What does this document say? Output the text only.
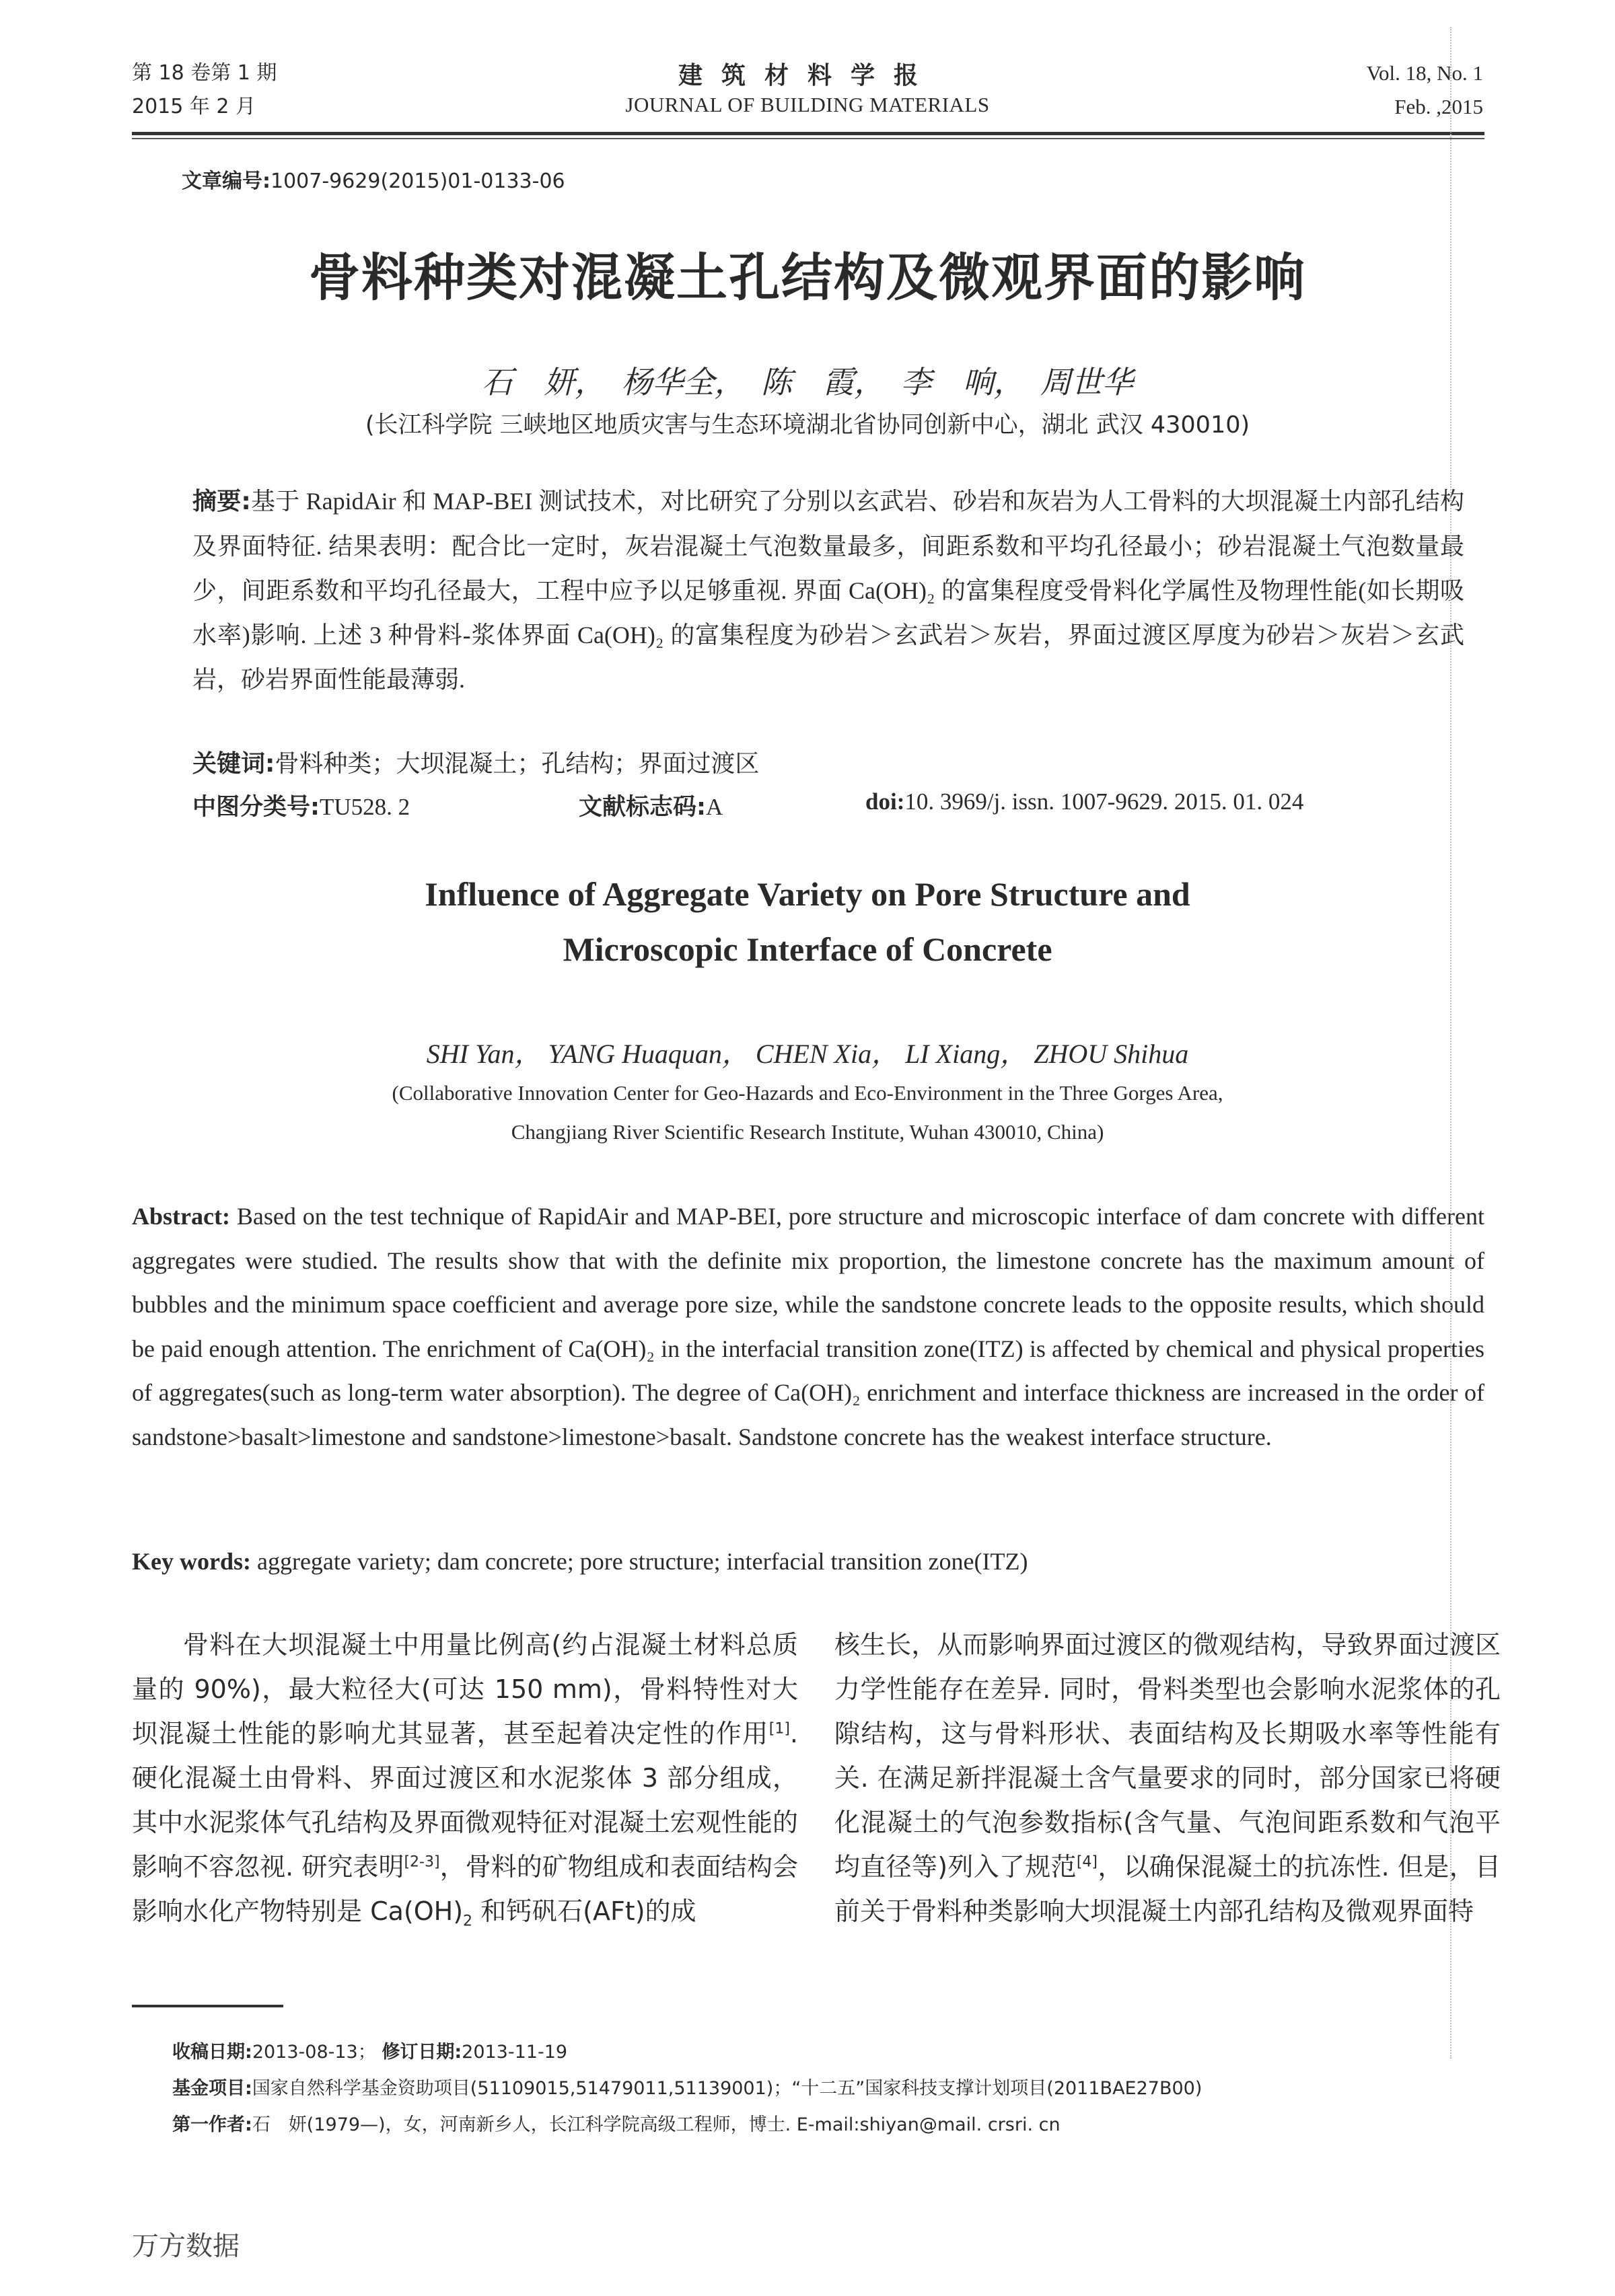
第 18 卷第 1 期
2015 年 2 月
建筑材料学报
JOURNAL OF BUILDING MATERIALS
Vol. 18, No. 1
Feb. ,2015
文章编号:1007-9629(2015)01-0133-06
骨料种类对混凝土孔结构及微观界面的影响
石　妍， 杨华全， 陈　霞， 李　响， 周世华
(长江科学院 三峡地区地质灾害与生态环境湖北省协同创新中心，湖北 武汉 430010)
摘要:基于 RapidAir 和 MAP-BEI 测试技术，对比研究了分别以玄武岩、砂岩和灰岩为人工骨料的大坝混凝土内部孔结构及界面特征. 结果表明：配合比一定时，灰岩混凝土气泡数量最多，间距系数和平均孔径最小；砂岩混凝土气泡数量最少，间距系数和平均孔径最大，工程中应予以足够重视. 界面 Ca(OH)₂ 的富集程度受骨料化学属性及物理性能(如长期吸水率)影响. 上述 3 种骨料-浆体界面 Ca(OH)₂ 的富集程度为砂岩＞玄武岩＞灰岩，界面过渡区厚度为砂岩＞灰岩＞玄武岩，砂岩界面性能最薄弱.
关键词:骨料种类；大坝混凝土；孔结构；界面过渡区
中图分类号:TU528. 2	文献标志码:A	doi:10. 3969/j. issn. 1007-9629. 2015. 01. 024
Influence of Aggregate Variety on Pore Structure and
Microscopic Interface of Concrete
SHI Yan， YANG Huaquan， CHEN Xia， LI Xiang， ZHOU Shihua
(Collaborative Innovation Center for Geo-Hazards and Eco-Environment in the Three Gorges Area,
Changjiang River Scientific Research Institute, Wuhan 430010, China)
Abstract: Based on the test technique of RapidAir and MAP-BEI, pore structure and microscopic interface of dam concrete with different aggregates were studied. The results show that with the definite mix proportion, the limestone concrete has the maximum amount of bubbles and the minimum space coefficient and average pore size, while the sandstone concrete leads to the opposite results, which should be paid enough attention. The enrichment of Ca(OH)₂ in the interfacial transition zone(ITZ) is affected by chemical and physical properties of aggregates(such as long-term water absorption). The degree of Ca(OH)₂ enrichment and interface thickness are increased in the order of sandstone>basalt>limestone and sandstone>limestone>basalt. Sandstone concrete has the weakest interface structure.
Key words: aggregate variety; dam concrete; pore structure; interfacial transition zone(ITZ)
骨料在大坝混凝土中用量比例高(约占混凝土材料总质量的 90%)，最大粒径大(可达 150 mm)，骨料特性对大坝混凝土性能的影响尤其显著，甚至起着决定性的作用[1]. 硬化混凝土由骨料、界面过渡区和水泥浆体 3 部分组成，其中水泥浆体气孔结构及界面微观特征对混凝土宏观性能的影响不容忽视. 研究表明[2-3]，骨料的矿物组成和表面结构会影响水化产物特别是 $Ca(OH)_2$ 和钙矾石(AFt)的成
核生长，从而影响界面过渡区的微观结构，导致界面过渡区力学性能存在差异. 同时，骨料类型也会影响水泥浆体的孔隙结构，这与骨料形状、表面结构及长期吸水率等性能有关. 在满足新拌混凝土含气量要求的同时，部分国家已将硬化混凝土的气泡参数指标(含气量、气泡间距系数和气泡平均直径等)列入了规范[4]，以确保混凝土的抗冻性. 但是，目前关于骨料种类影响大坝混凝土内部孔结构及微观界面特
收稿日期:2013-08-13； 修订日期:2013-11-19
基金项目:国家自然科学基金资助项目(51109015,51479011,51139001)；“十二五”国家科技支撑计划项目(2011BAE27B00)
第一作者:石　妍(1979—)，女，河南新乡人，长江科学院高级工程师，博士. E-mail:shiyan@mail. crsri. cn
万方数据
